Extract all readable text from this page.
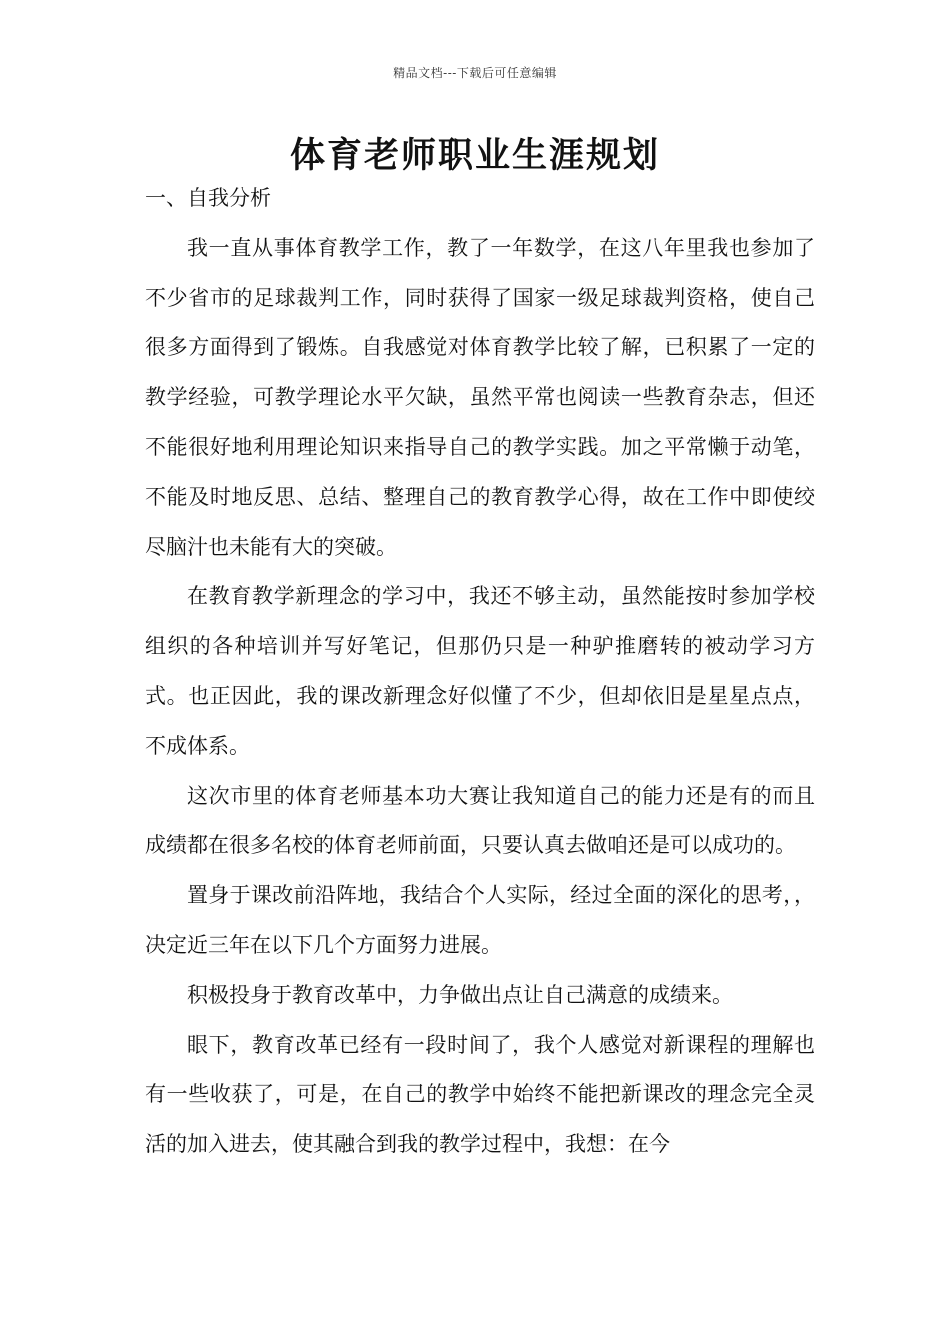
精品文档---下载后可任意编辑
体育老师职业生涯规划

一、自我分析

我一直从事体育教学工作，教了一年数学，在这八年里我也参加了不少省市的足球裁判工作，同时获得了国家一级足球裁判资格，使自己很多方面得到了锻炼。自我感觉对体育教学比较了解，已积累了一定的教学经验，可教学理论水平欠缺，虽然平常也阅读一些教育杂志，但还不能很好地利用理论知识来指导自己的教学实践。加之平常懒于动笔，不能及时地反思、总结、整理自己的教育教学心得，故在工作中即使绞尽脑汁也未能有大的突破。

在教育教学新理念的学习中，我还不够主动，虽然能按时参加学校组织的各种培训并写好笔记，但那仍只是一种驴推磨转的被动学习方式。也正因此，我的课改新理念好似懂了不少，但却依旧是星星点点，不成体系。

这次市里的体育老师基本功大赛让我知道自己的能力还是有的而且成绩都在很多名校的体育老师前面，只要认真去做咱还是可以成功的。

置身于课改前沿阵地，我结合个人实际，经过全面的深化的思考，，决定近三年在以下几个方面努力进展。

积极投身于教育改革中，力争做出点让自己满意的成绩来。

眼下，教育改革已经有一段时间了，我个人感觉对新课程的理解也有一些收获了，可是，在自己的教学中始终不能把新课改的理念完全灵活的加入进去，使其融合到我的教学过程中，我想：在今
